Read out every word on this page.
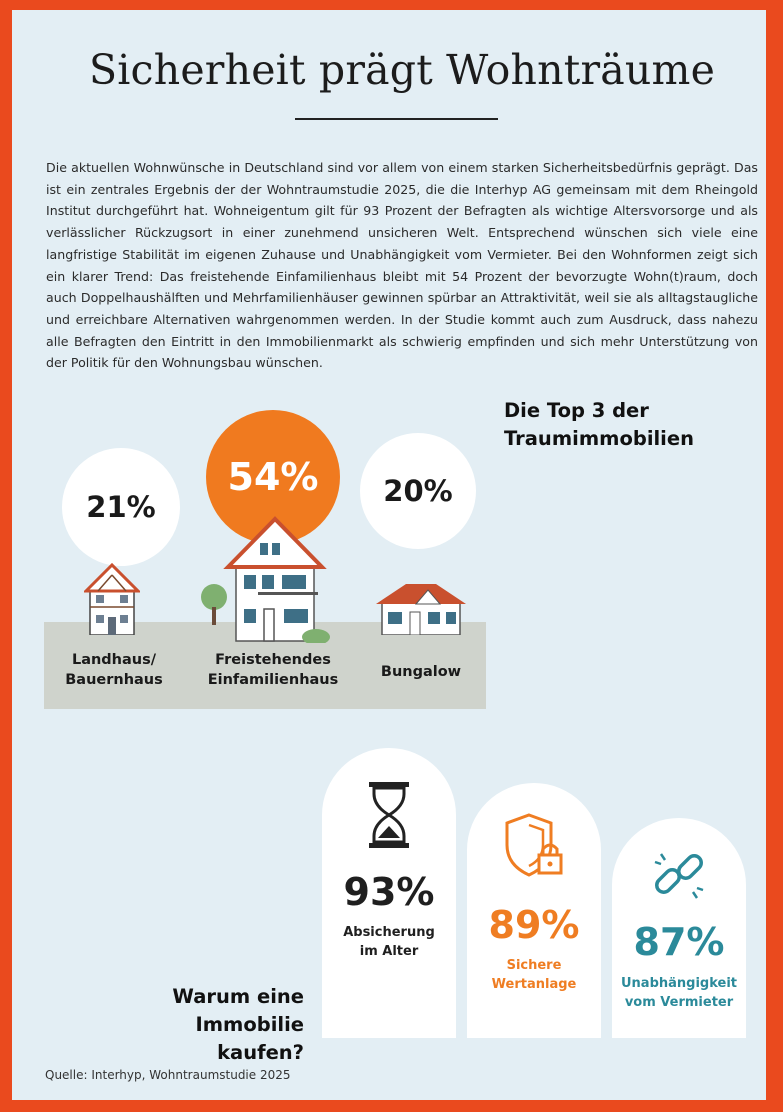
Sicherheit prägt Wohnträume

Die aktuellen Wohnwünsche in Deutschland sind vor allem von einem starken Sicherheitsbedürfnis geprägt. Das ist ein zentrales Ergebnis der der Wohntraumstudie 2025, die die Interhyp AG gemeinsam mit dem Rheingold Institut durchgeführt hat. Wohneigentum gilt für 93 Prozent der Befragten als wichtige Altersvorsorge und als verlässlicher Rückzugsort in einer zunehmend unsicheren Welt. Entsprechend wünschen sich viele eine langfristige Stabilität im eigenen Zuhause und Unabhängigkeit vom Vermieter. Bei den Wohnformen zeigt sich ein klarer Trend: Das freistehende Einfamilienhaus bleibt mit 54 Prozent der bevorzugte Wohn(t)raum, doch auch Doppelhaushälften und Mehrfamilienhäuser gewinnen spürbar an Attraktivität, weil sie als alltagstaugliche und erreichbare Alternativen wahrgenommen werden. In der Studie kommt auch zum Ausdruck, dass nahezu alle Befragten den Eintritt in den Immobilienmarkt als schwierig empfinden und sich mehr Unterstützung von der Politik für den Wohnungsbau wünschen.

Die Top 3 der
Traumimmobilien
21%
54%	20%
Landhaus/
Bauernhaus
Freistehendes
Einfamilienhaus	Bungalow
93%
Absicherung
im Alter
89%
Sichere
Wertanlage
87%
Unabhängigkeit
vom Vermieter
Warum eine
Immobilie kaufen?
Quelle: Interhyp, Wohntraumstudie 2025
